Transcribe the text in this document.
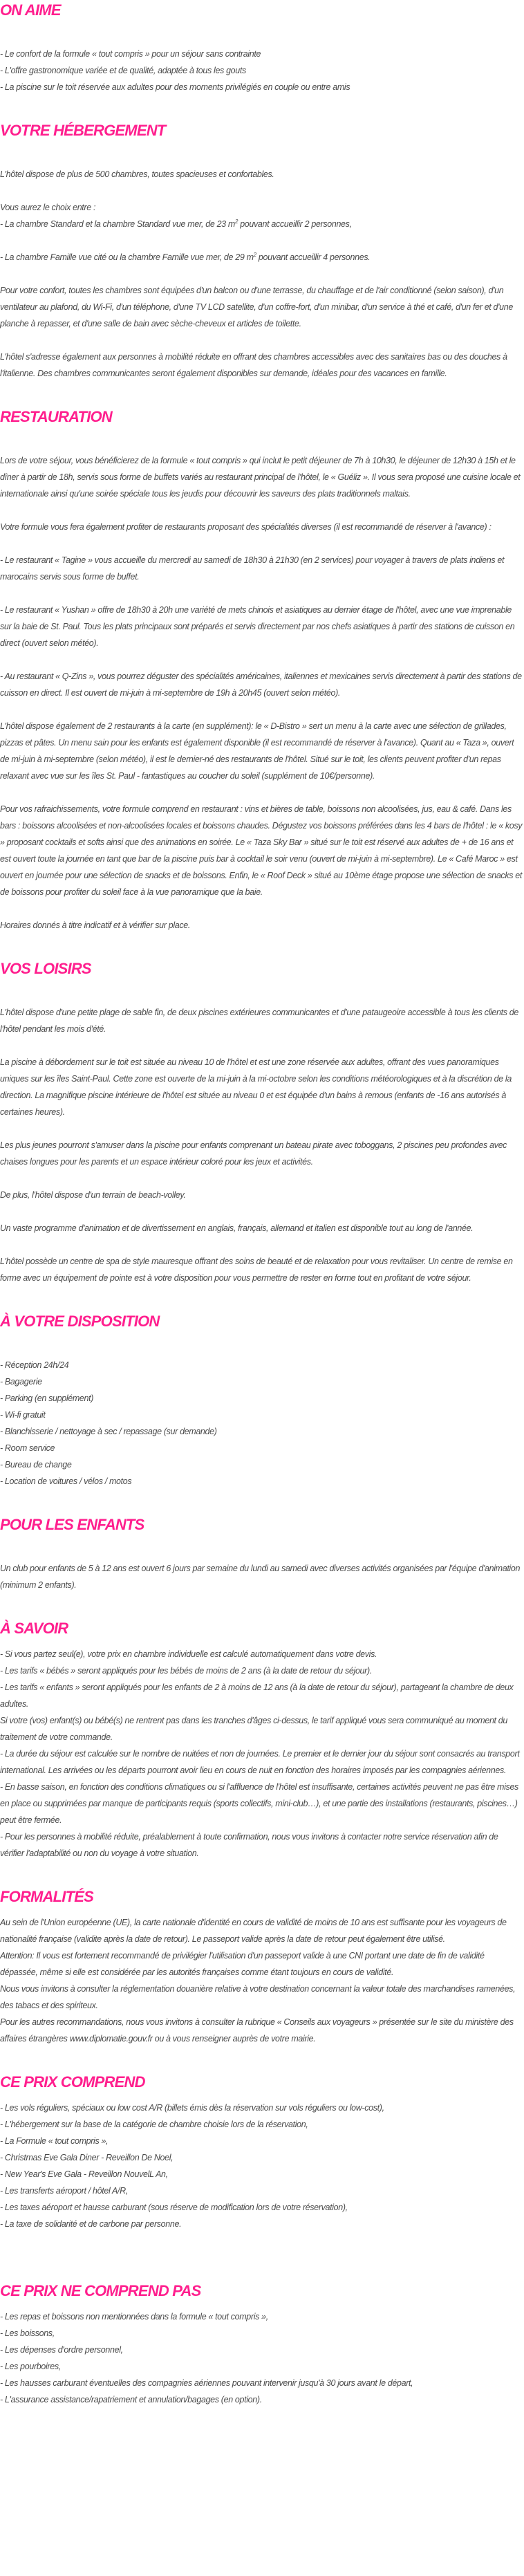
ON AIME

- Le confort de la formule « tout compris » pour un séjour sans contrainte

- L'offre gastronomique variée et de qualité, adaptée à tous les gouts

- La piscine sur le toit réservée aux adultes pour des moments privilégiés en couple ou entre amis

VOTRE HÉBERGEMENT

L'hôtel dispose de plus de 500 chambres, toutes spacieuses et confortables.

Vous aurez le choix entre :

- La chambre Standard et la chambre Standard vue mer, de 23 $m^2$ pouvant accueillir 2 personnes,

- La chambre Famille vue cité ou la chambre Famille vue mer, de 29 $m^2$ pouvant accueillir 4 personnes.

Pour votre confort, toutes les chambres sont équipées d'un balcon ou d'une terrasse, du chauffage et de l'air conditionné (selon saison), d'un ventilateur au plafond, du Wi-Fi, d'un téléphone, d'une TV LCD satellite, d'un coffre-fort, d'un minibar, d'un service à thé et café, d'un fer et d'une planche à repasser, et d'une salle de bain avec sèche-cheveux et articles de toilette.

L'hôtel s'adresse également aux personnes à mobilité réduite en offrant des chambres accessibles avec des sanitaires bas ou des douches à l'italienne. Des chambres communicantes seront également disponibles sur demande, idéales pour des vacances en famille.

RESTAURATION

Lors de votre séjour, vous bénéficierez de la formule « tout compris » qui inclut le petit déjeuner de 7h à 10h30, le déjeuner de 12h30 à 15h et le dîner à partir de 18h, servis sous forme de buffets variés au restaurant principal de l'hôtel, le « Guéliz ». Il vous sera proposé une cuisine locale et internationale ainsi qu'une soirée spéciale tous les jeudis pour découvrir les saveurs des plats traditionnels maltais.

Votre formule vous fera également profiter de restaurants proposant des spécialités diverses (il est recommandé de réserver à l'avance) :

- Le restaurant « Tagine » vous accueille du mercredi au samedi de 18h30 à 21h30 (en 2 services) pour voyager à travers de plats indiens et marocains servis sous forme de buffet.

- Le restaurant « Yushan » offre de 18h30 à 20h une variété de mets chinois et asiatiques au dernier étage de l'hôtel, avec une vue imprenable sur la baie de St. Paul. Tous les plats principaux sont préparés et servis directement par nos chefs asiatiques à partir des stations de cuisson en direct (ouvert selon météo).

- Au restaurant « Q-Zins », vous pourrez déguster des spécialités américaines, italiennes et mexicaines servis directement à partir des stations de cuisson en direct. Il est ouvert de mi-juin à mi-septembre de 19h à 20h45 (ouvert selon météo).

L'hôtel dispose également de 2 restaurants à la carte (en supplément): le « D-Bistro » sert un menu à la carte avec une sélection de grillades, pizzas et pâtes. Un menu sain pour les enfants est également disponible (il est recommandé de réserver à l'avance). Quant au « Taza », ouvert de mi-juin à mi-septembre (selon météo), il est le dernier-né des restaurants de l'hôtel. Situé sur le toit, les clients peuvent profiter d'un repas relaxant avec vue sur les îles St. Paul - fantastiques au coucher du soleil (supplément de 10€/personne).

Pour vos rafraichissements, votre formule comprend en restaurant : vins et bières de table, boissons non alcoolisées, jus, eau & café. Dans les bars : boissons alcoolisées et non-alcoolisées locales et boissons chaudes. Dégustez vos boissons préférées dans les 4 bars de l'hôtel : le « kosy » proposant cocktails et softs ainsi que des animations en soirée. Le « Taza Sky Bar » situé sur le toit est réservé aux adultes de + de 16 ans et est ouvert toute la journée en tant que bar de la piscine puis bar à cocktail le soir venu (ouvert de mi-juin à mi-septembre). Le « Café Maroc » est ouvert en journée pour une sélection de snacks et de boissons. Enfin, le « Roof Deck » situé au 10ème étage propose une sélection de snacks et de boissons pour profiter du soleil face à la vue panoramique que la baie.

Horaires donnés à titre indicatif et à vérifier sur place.

VOS LOISIRS

L'hôtel dispose d'une petite plage de sable fin, de deux piscines extérieures communicantes et d'une pataugeoire accessible à tous les clients de l'hôtel pendant les mois d'été.

La piscine à débordement sur le toit est située au niveau 10 de l'hôtel et est une zone réservée aux adultes, offrant des vues panoramiques uniques sur les îles Saint-Paul. Cette zone est ouverte de la mi-juin à la mi-octobre selon les conditions météorologiques et à la discrétion de la direction. La magnifique piscine intérieure de l'hôtel est située au niveau 0 et est équipée d'un bains à remous (enfants de -16 ans autorisés à certaines heures).

Les plus jeunes pourront s'amuser dans la piscine pour enfants comprenant un bateau pirate avec toboggans, 2 piscines peu profondes avec chaises longues pour les parents et un espace intérieur coloré pour les jeux et activités.

De plus, l'hôtel dispose d'un terrain de beach-volley.

Un vaste programme d'animation et de divertissement en anglais, français, allemand et italien est disponible tout au long de l'année.

L'hôtel possède un centre de spa de style mauresque offrant des soins de beauté et de relaxation pour vous revitaliser. Un centre de remise en forme avec un équipement de pointe est à votre disposition pour vous permettre de rester en forme tout en profitant de votre séjour.

À VOTRE DISPOSITION

- Réception 24h/24

- Bagagerie

- Parking (en supplément)

- Wi-fi gratuit

- Blanchisserie / nettoyage à sec / repassage (sur demande)

- Room service

- Bureau de change

- Location de voitures / vélos / motos

POUR LES ENFANTS

Un club pour enfants de 5 à 12 ans est ouvert 6 jours par semaine du lundi au samedi avec diverses activités organisées par l'équipe d'animation (minimum 2 enfants).

À SAVOIR

- Si vous partez seul(e), votre prix en chambre individuelle est calculé automatiquement dans votre devis.

- Les tarifs « bébés » seront appliqués pour les bébés de moins de 2 ans (à la date de retour du séjour).

- Les tarifs « enfants » seront appliqués pour les enfants de 2 à moins de 12 ans (à la date de retour du séjour), partageant la chambre de deux adultes.

Si votre (vos) enfant(s) ou bébé(s) ne rentrent pas dans les tranches d'âges ci-dessus, le tarif appliqué vous sera communiqué au moment du traitement de votre commande.

- La durée du séjour est calculée sur le nombre de nuitées et non de journées. Le premier et le dernier jour du séjour sont consacrés au transport international. Les arrivées ou les départs pourront avoir lieu en cours de nuit en fonction des horaires imposés par les compagnies aériennes.

- En basse saison, en fonction des conditions climatiques ou si l'affluence de l'hôtel est insuffisante, certaines activités peuvent ne pas être mises en place ou supprimées par manque de participants requis (sports collectifs, mini-club…), et une partie des installations (restaurants, piscines…) peut être fermée.

- Pour les personnes à mobilité réduite, préalablement à toute confirmation, nous vous invitons à contacter notre service réservation afin de vérifier l'adaptabilité ou non du voyage à votre situation.

FORMALITÉS

Au sein de l'Union européenne (UE), la carte nationale d'identité en cours de validité de moins de 10 ans est suffisante pour les voyageurs de nationalité française (validite après la date de retour). Le passeport valide après la date de retour peut également être utilisé.

Attention: Il vous est fortement recommandé de privilégier l'utilisation d'un passeport valide à une CNI portant une date de fin de validité dépassée, même si elle est considérée par les autorités françaises comme étant toujours en cours de validité.

Nous vous invitons à consulter la réglementation douanière relative à votre destination concernant la valeur totale des marchandises ramenées, des tabacs et des spiriteux.

Pour les autres recommandations, nous vous invitons à consulter la rubrique « Conseils aux voyageurs » présentée sur le site du ministère des affaires étrangères www.diplomatie.gouv.fr ou à vous renseigner auprès de votre mairie.

CE PRIX COMPREND

- Les vols réguliers, spéciaux ou low cost A/R (billets émis dès la réservation sur vols réguliers ou low-cost),

- L'hébergement sur la base de la catégorie de chambre choisie lors de la réservation,

- La Formule « tout compris »,

- Christmas Eve Gala Diner - Reveillon De Noel,

- New Year's Eve Gala - Reveillon NouvelL An,

- Les transferts aéroport / hôtel A/R,

- Les taxes aéroport et hausse carburant (sous réserve de modification lors de votre réservation),

- La taxe de solidarité et de carbone par personne.

CE PRIX NE COMPREND PAS

- Les repas et boissons non mentionnées dans la formule « tout compris »,

- Les boissons,

- Les dépenses d'ordre personnel,

- Les pourboires,

- Les hausses carburant éventuelles des compagnies aériennes pouvant intervenir jusqu'à 30 jours avant le départ,

- L'assurance assistance/rapatriement et annulation/bagages (en option).
